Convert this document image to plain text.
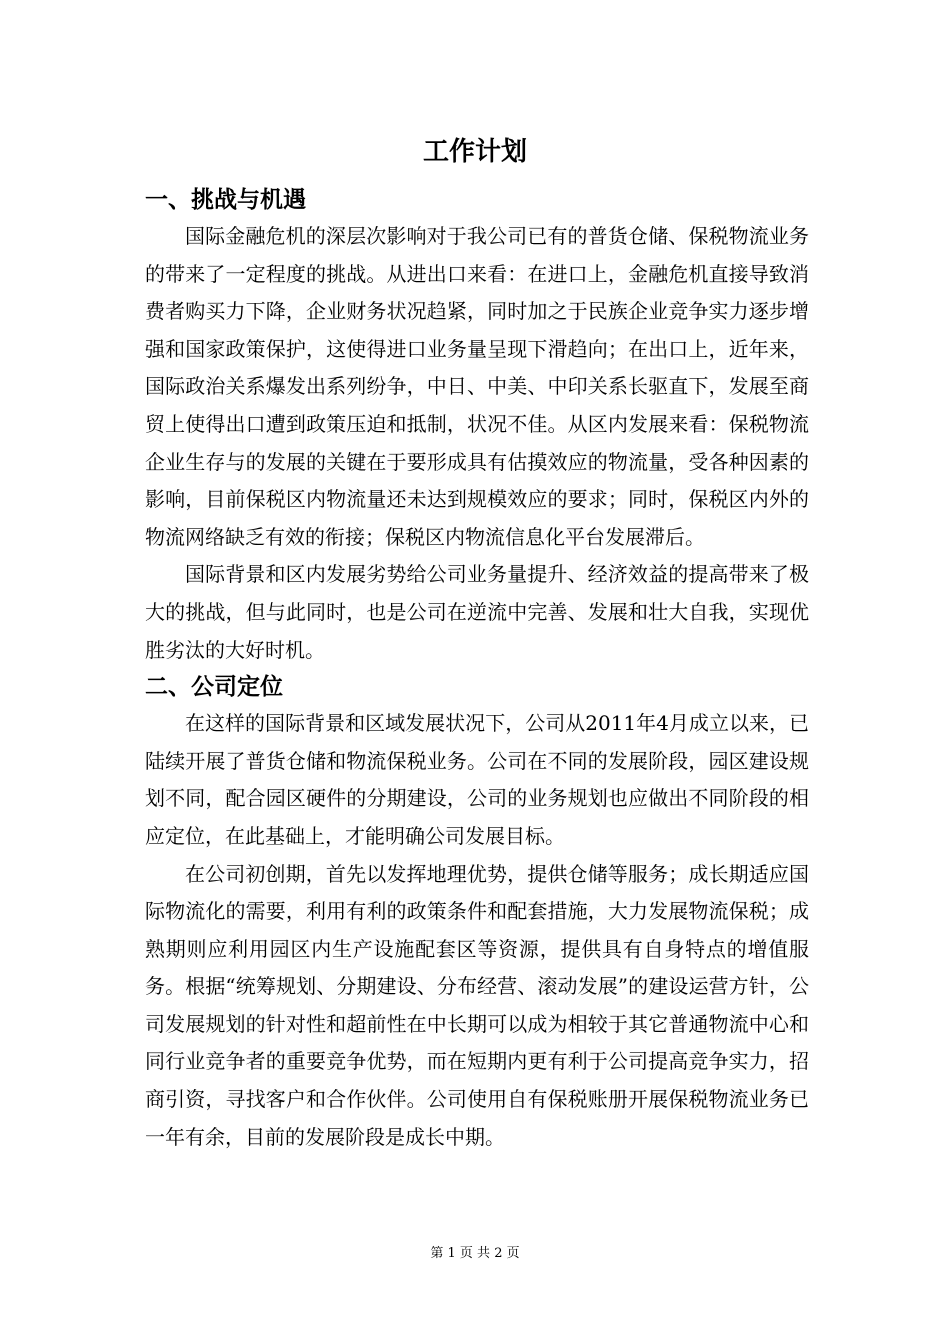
工作计划
一、挑战与机遇

国际金融危机的深层次影响对于我公司已有的普货仓储、保税物流业务的带来了一定程度的挑战。从进出口来看：在进口上，金融危机直接导致消费者购买力下降，企业财务状况趋紧，同时加之于民族企业竞争实力逐步增强和国家政策保护，这使得进口业务量呈现下滑趋向；在出口上，近年来，国际政治关系爆发出系列纷争，中日、中美、中印关系长驱直下，发展至商贸上使得出口遭到政策压迫和抵制，状况不佳。从区内发展来看：保税物流企业生存与的发展的关键在于要形成具有估摸效应的物流量，受各种因素的影响，目前保税区内物流量还未达到规模效应的要求；同时，保税区内外的物流网络缺乏有效的衔接；保税区内物流信息化平台发展滞后。

国际背景和区内发展劣势给公司业务量提升、经济效益的提高带来了极大的挑战，但与此同时，也是公司在逆流中完善、发展和壮大自我，实现优胜劣汰的大好时机。

二、公司定位

在这样的国际背景和区域发展状况下，公司从2011年4月成立以来，已陆续开展了普货仓储和物流保税业务。公司在不同的发展阶段，园区建设规划不同，配合园区硬件的分期建设，公司的业务规划也应做出不同阶段的相应定位，在此基础上，才能明确公司发展目标。

在公司初创期，首先以发挥地理优势，提供仓储等服务；成长期适应国际物流化的需要，利用有利的政策条件和配套措施，大力发展物流保税；成熟期则应利用园区内生产设施配套区等资源，提供具有自身特点的增值服务。根据“统筹规划、分期建设、分布经营、滚动发展”的建设运营方针，公司发展规划的针对性和超前性在中长期可以成为相较于其它普通物流中心和同行业竞争者的重要竞争优势，而在短期内更有利于公司提高竞争实力，招商引资，寻找客户和合作伙伴。公司使用自有保税账册开展保税物流业务已一年有余，目前的发展阶段是成长中期。

第 1 页 共 2 页
